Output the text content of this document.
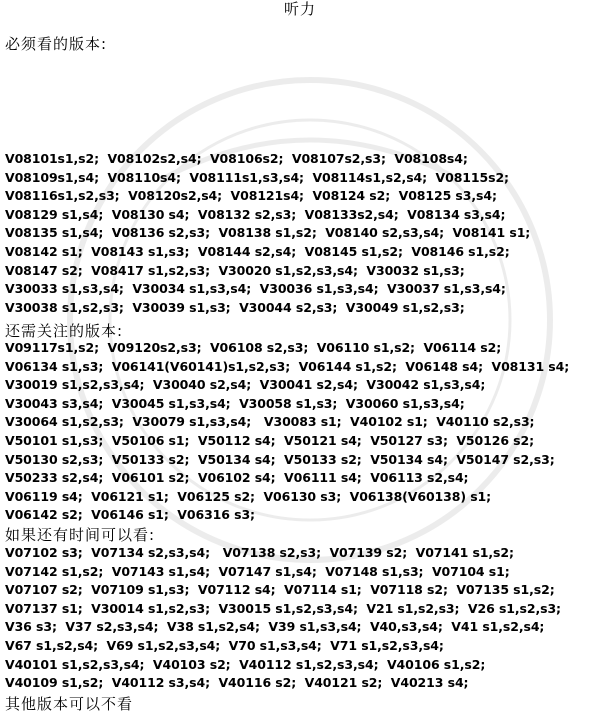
听力
必须看的版本:
V08101s1,s2;  V08102s2,s4;  V08106s2;  V08107s2,s3;  V08108s4;
V08109s1,s4;  V08110s4;  V08111s1,s3,s4;  V08114s1,s2,s4;  V08115s2;
V08116s1,s2,s3;  V08120s2,s4;  V08121s4;  V08124 s2;  V08125 s3,s4;
V08129 s1,s4;  V08130 s4;  V08132 s2,s3;  V08133s2,s4;  V08134 s3,s4;
V08135 s1,s4;  V08136 s2,s3;  V08138 s1,s2;  V08140 s2,s3,s4;  V08141 s1;
V08142 s1;  V08143 s1,s3;  V08144 s2,s4;  V08145 s1,s2;  V08146 s1,s2;
V08147 s2;  V08417 s1,s2,s3;  V30020 s1,s2,s3,s4;  V30032 s1,s3;
V30033 s1,s3,s4;  V30034 s1,s3,s4;  V30036 s1,s3,s4;  V30037 s1,s3,s4;
V30038 s1,s2,s3;  V30039 s1,s3;  V30044 s2,s3;  V30049 s1,s2,s3;
还需关注的版本:
V09117s1,s2;  V09120s2,s3;  V06108 s2,s3;  V06110 s1,s2;  V06114 s2;
V06134 s1,s3;  V06141(V60141)s1,s2,s3;  V06144 s1,s2;  V06148 s4;  V08131 s4;
V30019 s1,s2,s3,s4;  V30040 s2,s4;  V30041 s2,s4;  V30042 s1,s3,s4;
V30043 s3,s4;  V30045 s1,s3,s4;  V30058 s1,s3;  V30060 s1,s3,s4;
V30064 s1,s2,s3;  V30079 s1,s3,s4;   V30083 s1;  V40102 s1;  V40110 s2,s3;
V50101 s1,s3;  V50106 s1;  V50112 s4;  V50121 s4;  V50127 s3;  V50126 s2;
V50130 s2,s3;  V50133 s2;  V50134 s4;  V50133 s2;  V50134 s4;  V50147 s2,s3;
V50233 s2,s4;  V06101 s2;  V06102 s4;  V06111 s4;  V06113 s2,s4;
V06119 s4;  V06121 s1;  V06125 s2;  V06130 s3;  V06138(V60138) s1;
V06142 s2;  V06146 s1;  V06316 s3;
如果还有时间可以看:
V07102 s3;  V07134 s2,s3,s4;   V07138 s2,s3;  V07139 s2;  V07141 s1,s2;
V07142 s1,s2;  V07143 s1,s4;  V07147 s1,s4;  V07148 s1,s3;  V07104 s1;
V07107 s2;  V07109 s1,s3;  V07112 s4;  V07114 s1;  V07118 s2;  V07135 s1,s2;
V07137 s1;  V30014 s1,s2,s3;  V30015 s1,s2,s3,s4;  V21 s1,s2,s3;  V26 s1,s2,s3;
V36 s3;  V37 s2,s3,s4;  V38 s1,s2,s4;  V39 s1,s3,s4;  V40,s3,s4;  V41 s1,s2,s4;
V67 s1,s2,s4;  V69 s1,s2,s3,s4;  V70 s1,s3,s4;  V71 s1,s2,s3,s4;
V40101 s1,s2,s3,s4;  V40103 s2;  V40112 s1,s2,s3,s4;  V40106 s1,s2;
V40109 s1,s2;  V40112 s3,s4;  V40116 s2;  V40121 s2;  V40213 s4;
其他版本可以不看
